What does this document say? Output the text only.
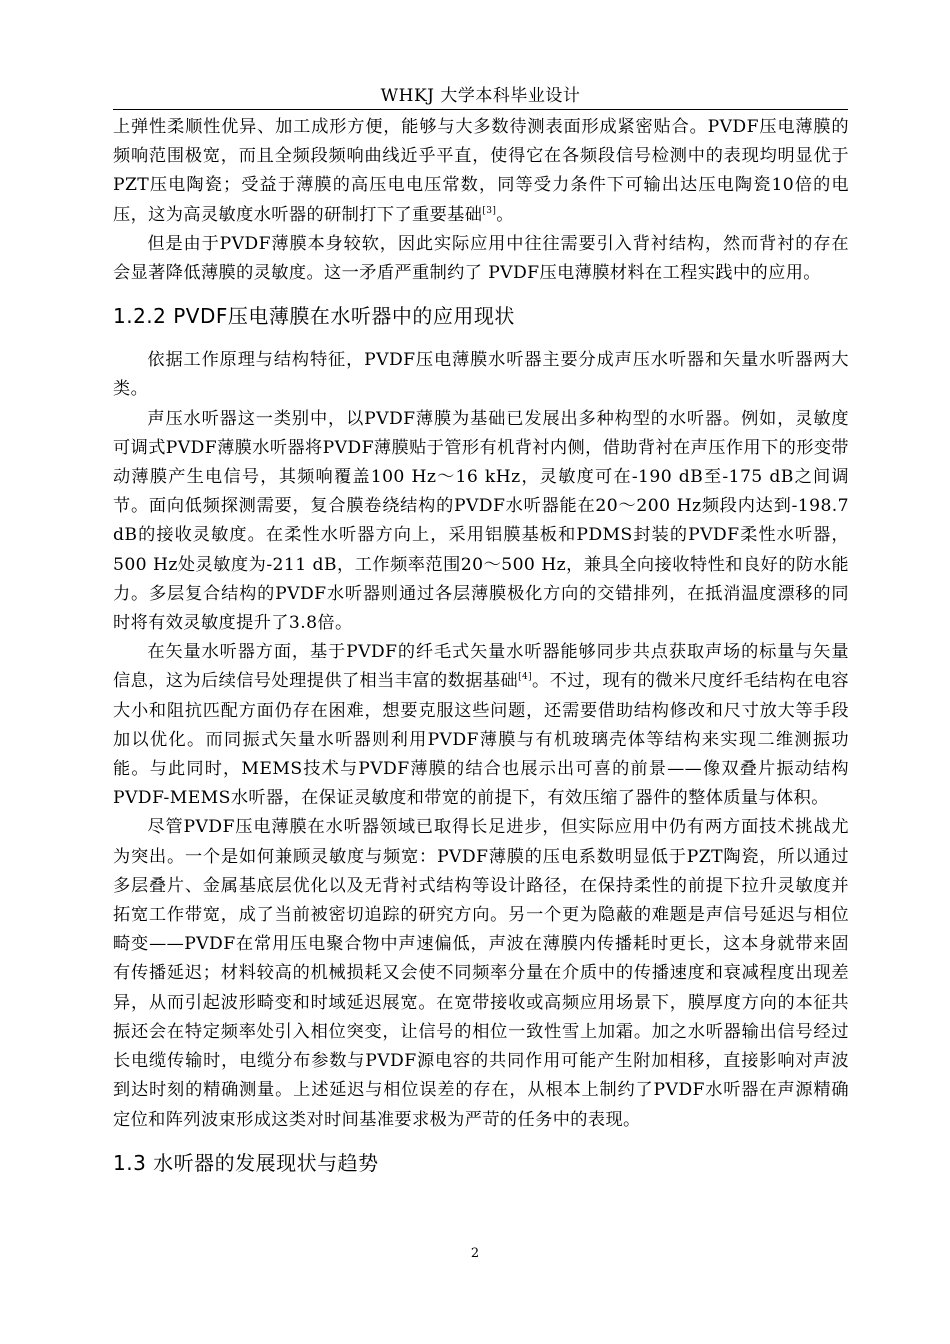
WHKJ 大学本科毕业设计

上弹性柔顺性优异、加工成形方便，能够与大多数待测表面形成紧密贴合。PVDF压电薄膜的频响范围极宽，而且全频段频响曲线近乎平直，使得它在各频段信号检测中的表现均明显优于PZT压电陶瓷；受益于薄膜的高压电电压常数，同等受力条件下可输出达压电陶瓷10倍的电压，这为高灵敏度水听器的研制打下了重要基础[3]。

但是由于PVDF薄膜本身较软，因此实际应用中往往需要引入背衬结构，然而背衬的存在会显著降低薄膜的灵敏度。这一矛盾严重制约了 PVDF压电薄膜材料在工程实践中的应用。

1.2.2 PVDF压电薄膜在水听器中的应用现状

依据工作原理与结构特征，PVDF压电薄膜水听器主要分成声压水听器和矢量水听器两大类。

声压水听器这一类别中，以PVDF薄膜为基础已发展出多种构型的水听器。例如，灵敏度可调式PVDF薄膜水听器将PVDF薄膜贴于管形有机背衬内侧，借助背衬在声压作用下的形变带动薄膜产生电信号，其频响覆盖100 Hz～16 kHz，灵敏度可在-190 dB至-175 dB之间调节。面向低频探测需要，复合膜卷绕结构的PVDF水听器能在20～200 Hz频段内达到-198.7 dB的接收灵敏度。在柔性水听器方向上，采用铝膜基板和PDMS封装的PVDF柔性水听器，500 Hz处灵敏度为-211 dB，工作频率范围20～500 Hz，兼具全向接收特性和良好的防水能力。多层复合结构的PVDF水听器则通过各层薄膜极化方向的交错排列，在抵消温度漂移的同时将有效灵敏度提升了3.8倍。

在矢量水听器方面，基于PVDF的纤毛式矢量水听器能够同步共点获取声场的标量与矢量信息，这为后续信号处理提供了相当丰富的数据基础[4]。不过，现有的微米尺度纤毛结构在电容大小和阻抗匹配方面仍存在困难，想要克服这些问题，还需要借助结构修改和尺寸放大等手段加以优化。而同振式矢量水听器则利用PVDF薄膜与有机玻璃壳体等结构来实现二维测振功能。与此同时，MEMS技术与PVDF薄膜的结合也展示出可喜的前景——像双叠片振动结构PVDF-MEMS水听器，在保证灵敏度和带宽的前提下，有效压缩了器件的整体质量与体积。

尽管PVDF压电薄膜在水听器领域已取得长足进步，但实际应用中仍有两方面技术挑战尤为突出。一个是如何兼顾灵敏度与频宽：PVDF薄膜的压电系数明显低于PZT陶瓷，所以通过多层叠片、金属基底层优化以及无背衬式结构等设计路径，在保持柔性的前提下拉升灵敏度并拓宽工作带宽，成了当前被密切追踪的研究方向。另一个更为隐蔽的难题是声信号延迟与相位畸变——PVDF在常用压电聚合物中声速偏低，声波在薄膜内传播耗时更长，这本身就带来固有传播延迟；材料较高的机械损耗又会使不同频率分量在介质中的传播速度和衰减程度出现差异，从而引起波形畸变和时域延迟展宽。在宽带接收或高频应用场景下，膜厚度方向的本征共振还会在特定频率处引入相位突变，让信号的相位一致性雪上加霜。加之水听器输出信号经过长电缆传输时，电缆分布参数与PVDF源电容的共同作用可能产生附加相移，直接影响对声波到达时刻的精确测量。上述延迟与相位误差的存在，从根本上制约了PVDF水听器在声源精确定位和阵列波束形成这类对时间基准要求极为严苛的任务中的表现。

1.3 水听器的发展现状与趋势
2
